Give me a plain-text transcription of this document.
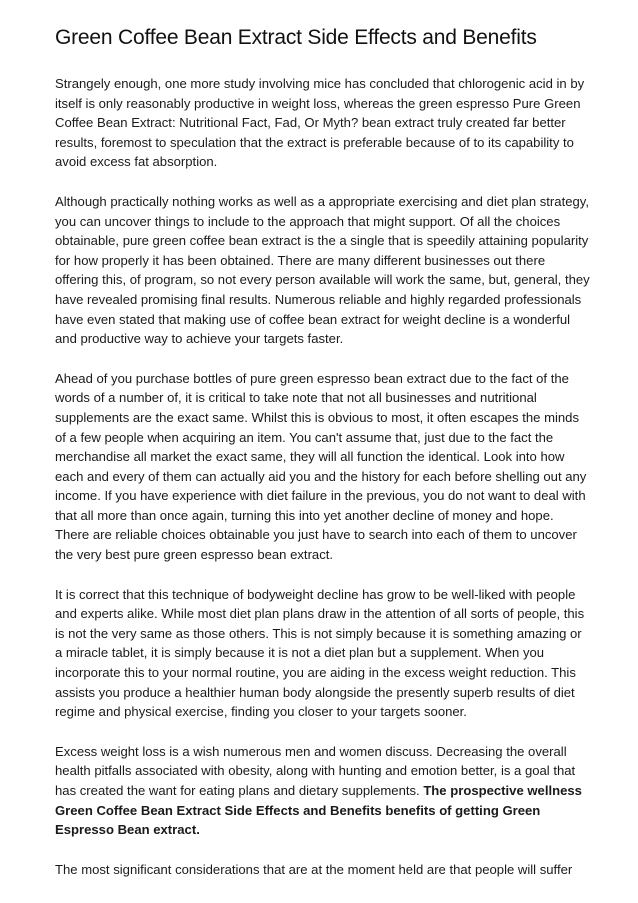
Green Coffee Bean Extract Side Effects and Benefits

Strangely enough, one more study involving mice has concluded that chlorogenic acid in by itself is only reasonably productive in weight loss, whereas the green espresso Pure Green Coffee Bean Extract: Nutritional Fact, Fad, Or Myth? bean extract truly created far better results, foremost to speculation that the extract is preferable because of to its capability to avoid excess fat absorption.

Although practically nothing works as well as a appropriate exercising and diet plan strategy, you can uncover things to include to the approach that might support. Of all the choices obtainable, pure green coffee bean extract is the a single that is speedily attaining popularity for how properly it has been obtained. There are many different businesses out there offering this, of program, so not every person available will work the same, but, general, they have revealed promising final results. Numerous reliable and highly regarded professionals have even stated that making use of coffee bean extract for weight decline is a wonderful and productive way to achieve your targets faster.

Ahead of you purchase bottles of pure green espresso bean extract due to the fact of the words of a number of, it is critical to take note that not all businesses and nutritional supplements are the exact same. Whilst this is obvious to most, it often escapes the minds of a few people when acquiring an item. You can't assume that, just due to the fact the merchandise all market the exact same, they will all function the identical. Look into how each and every of them can actually aid you and the history for each before shelling out any income. If you have experience with diet failure in the previous, you do not want to deal with that all more than once again, turning this into yet another decline of money and hope. There are reliable choices obtainable you just have to search into each of them to uncover the very best pure green espresso bean extract.

It is correct that this technique of bodyweight decline has grow to be well-liked with people and experts alike. While most diet plan plans draw in the attention of all sorts of people, this is not the very same as those others. This is not simply because it is something amazing or a miracle tablet, it is simply because it is not a diet plan but a supplement. When you incorporate this to your normal routine, you are aiding in the excess weight reduction. This assists you produce a healthier human body alongside the presently superb results of diet regime and physical exercise, finding you closer to your targets sooner.

Excess weight loss is a wish numerous men and women discuss. Decreasing the overall health pitfalls associated with obesity, along with hunting and emotion better, is a goal that has created the want for eating plans and dietary supplements. The prospective wellness Green Coffee Bean Extract Side Effects and Benefits benefits of getting Green Espresso Bean extract.

The most significant considerations that are at the moment held are that people will suffer
